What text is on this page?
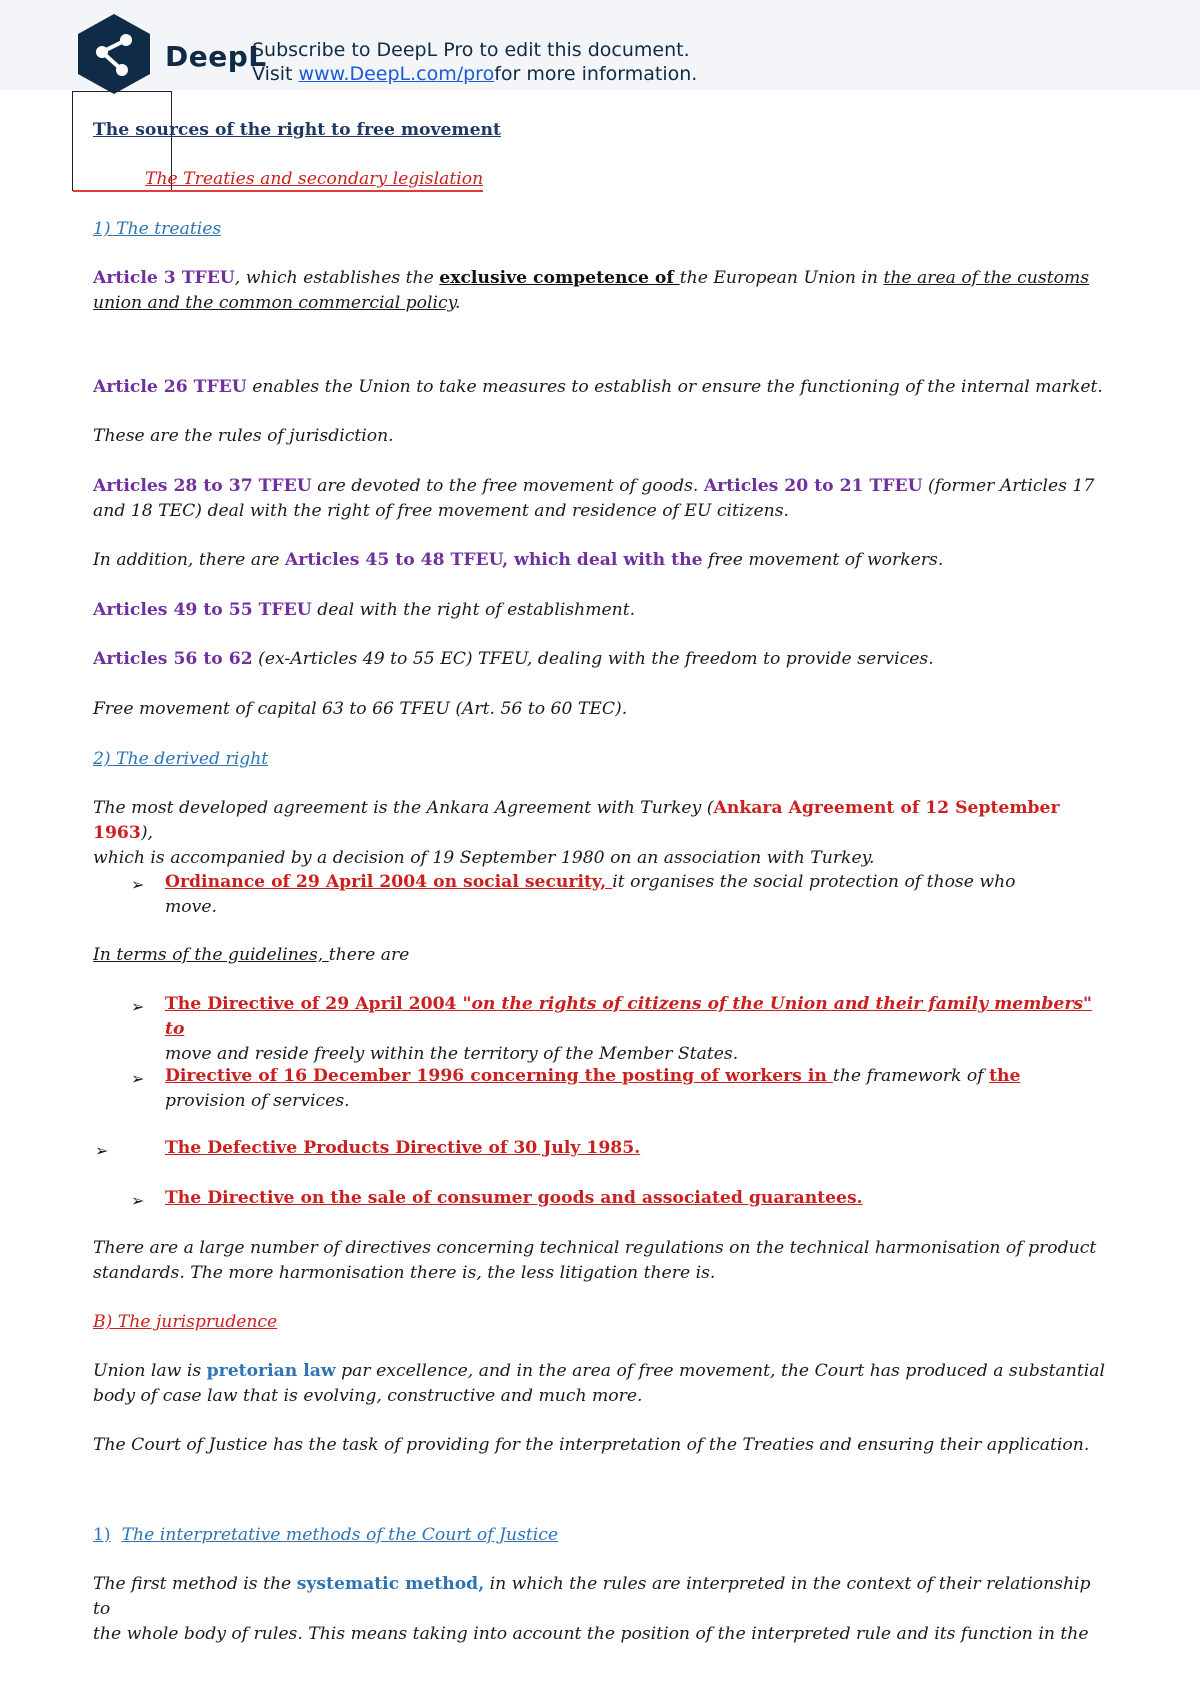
DeepL
Subscribe to DeepL Pro to edit this document.
Visit www.DeepL.com/profor more information.

The sources of the right to free movement

The Treaties and secondary legislation

1) The treaties

Article 3 TFEU, which establishes the exclusive competence of the European Union in the area of the customs
union and the common commercial policy.

Article 26 TFEU enables the Union to take measures to establish or ensure the functioning of the internal market.

These are the rules of jurisdiction.

Articles 28 to 37 TFEU are devoted to the free movement of goods. Articles 20 to 21 TFEU (former Articles 17
and 18 TEC) deal with the right of free movement and residence of EU citizens.

In addition, there are Articles 45 to 48 TFEU, which deal with the free movement of workers.

Articles 49 to 55 TFEU deal with the right of establishment.

Articles 56 to 62 (ex-Articles 49 to 55 EC) TFEU, dealing with the freedom to provide services.

Free movement of capital 63 to 66 TFEU (Art. 56 to 60 TEC).

2) The derived right

The most developed agreement is the Ankara Agreement with Turkey (Ankara Agreement of 12 September 1963),
which is accompanied by a decision of 19 September 1980 on an association with Turkey.

➢ Ordinance of 29 April 2004 on social security, it organises the social protection of those who
move.

In terms of the guidelines, there are

➢ The Directive of 29 April 2004 "on the rights of citizens of the Union and their family members" to
move and reside freely within the territory of the Member States.

➢ Directive of 16 December 1996 concerning the posting of workers in the framework of the
provision of services.

➢	The Defective Products Directive of 30 July 1985.

➢ The Directive on the sale of consumer goods and associated guarantees.

There are a large number of directives concerning technical regulations on the technical harmonisation of product
standards. The more harmonisation there is, the less litigation there is.

B) The jurisprudence

Union law is pretorian law par excellence, and in the area of free movement, the Court has produced a substantial
body of case law that is evolving, constructive and much more.

The Court of Justice has the task of providing for the interpretation of the Treaties and ensuring their application.

1) The interpretative methods of the Court of Justice

The first method is the systematic method, in which the rules are interpreted in the context of their relationship to
the whole body of rules. This means taking into account the position of the interpreted rule and its function in the
